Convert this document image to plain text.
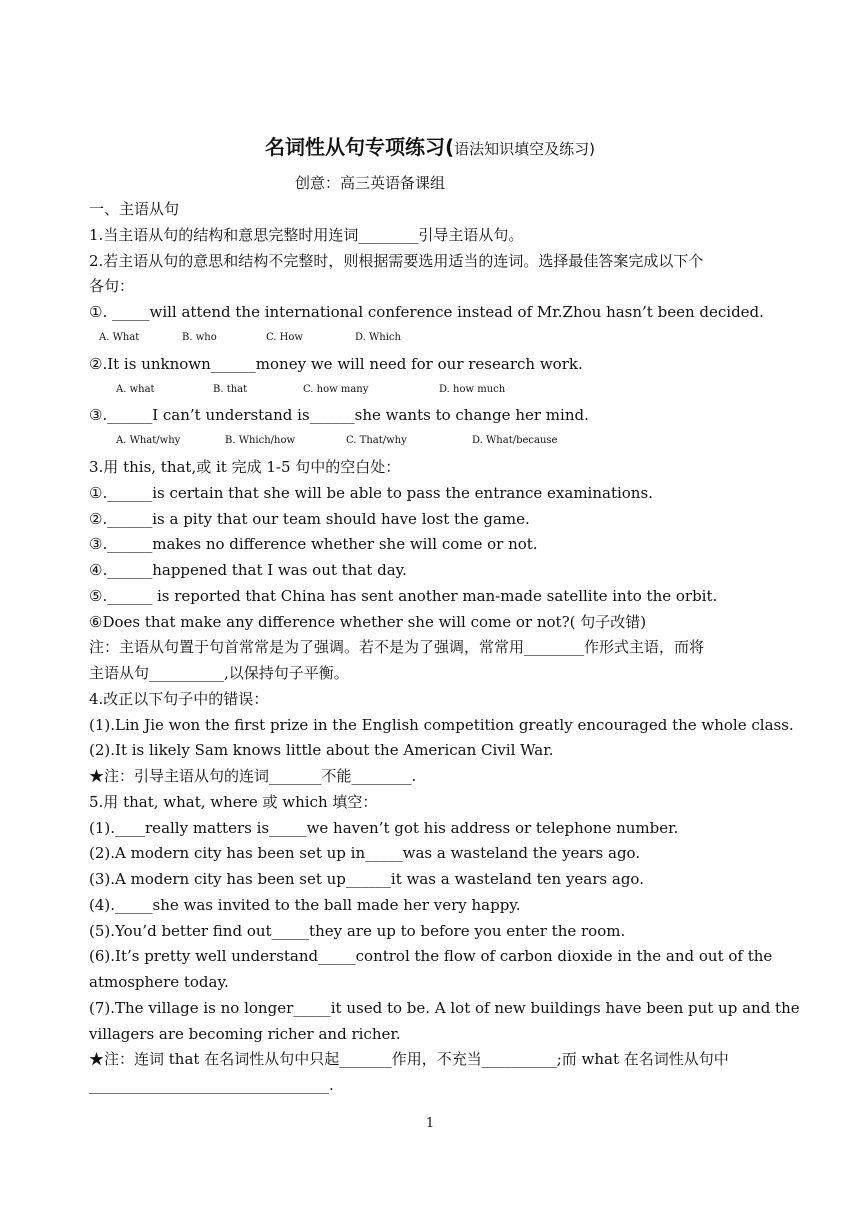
名词性从句专项练习(语法知识填空及练习)
创意：高三英语备课组
一、主语从句
1.当主语从句的结构和意思完整时用连词________引导主语从句。
2.若主语从句的意思和结构不完整时，则根据需要选用适当的连词。选择最佳答案完成以下个
各句：
①. _____will attend the international conference instead of Mr.Zhou hasn’t been decided.
A. What	B. who	C. How	D. Which
②.It is unknown______money we will need for our research work.
A. what	B. that	C. how many	D. how much
③.______I can’t understand is______she wants to change her mind.
A. What/why	B. Which/how	C. That/why	D. What/because
3.用 this, that,或 it 完成 1-5 句中的空白处：
①.______is certain that she will be able to pass the entrance examinations.
②.______is a pity that our team should have lost the game.
③.______makes no difference whether she will come or not.
④.______happened that I was out that day.
⑤.______ is reported that China has sent another man-made satellite into the orbit.
⑥Does that make any difference whether she will come or not?( 句子改错)
注：主语从句置于句首常常是为了强调。若不是为了强调，常常用________作形式主语，而将
主语从句__________,以保持句子平衡。
4.改正以下句子中的错误：
(1).Lin Jie won the first prize in the English competition greatly encouraged the whole class.
(2).It is likely Sam knows little about the American Civil War.
★注：引导主语从句的连词_______不能________.
5.用 that, what, where 或 which 填空：
(1).____really matters is_____we haven’t got his address or telephone number.
(2).A modern city has been set up in_____was a wasteland the years ago.
(3).A modern city has been set up______it was a wasteland ten years ago.
(4)._____she was invited to the ball made her very happy.
(5).You’d better find out_____they are up to before you enter the room.
(6).It’s pretty well understand_____control the flow of carbon dioxide in the and out of the
atmosphere today.
(7).The village is no longer_____it used to be. A lot of new buildings have been put up and the
villagers are becoming richer and richer.
★注：连词 that 在名词性从句中只起_______作用，不充当__________;而 what 在名词性从句中
________________________________.
1
